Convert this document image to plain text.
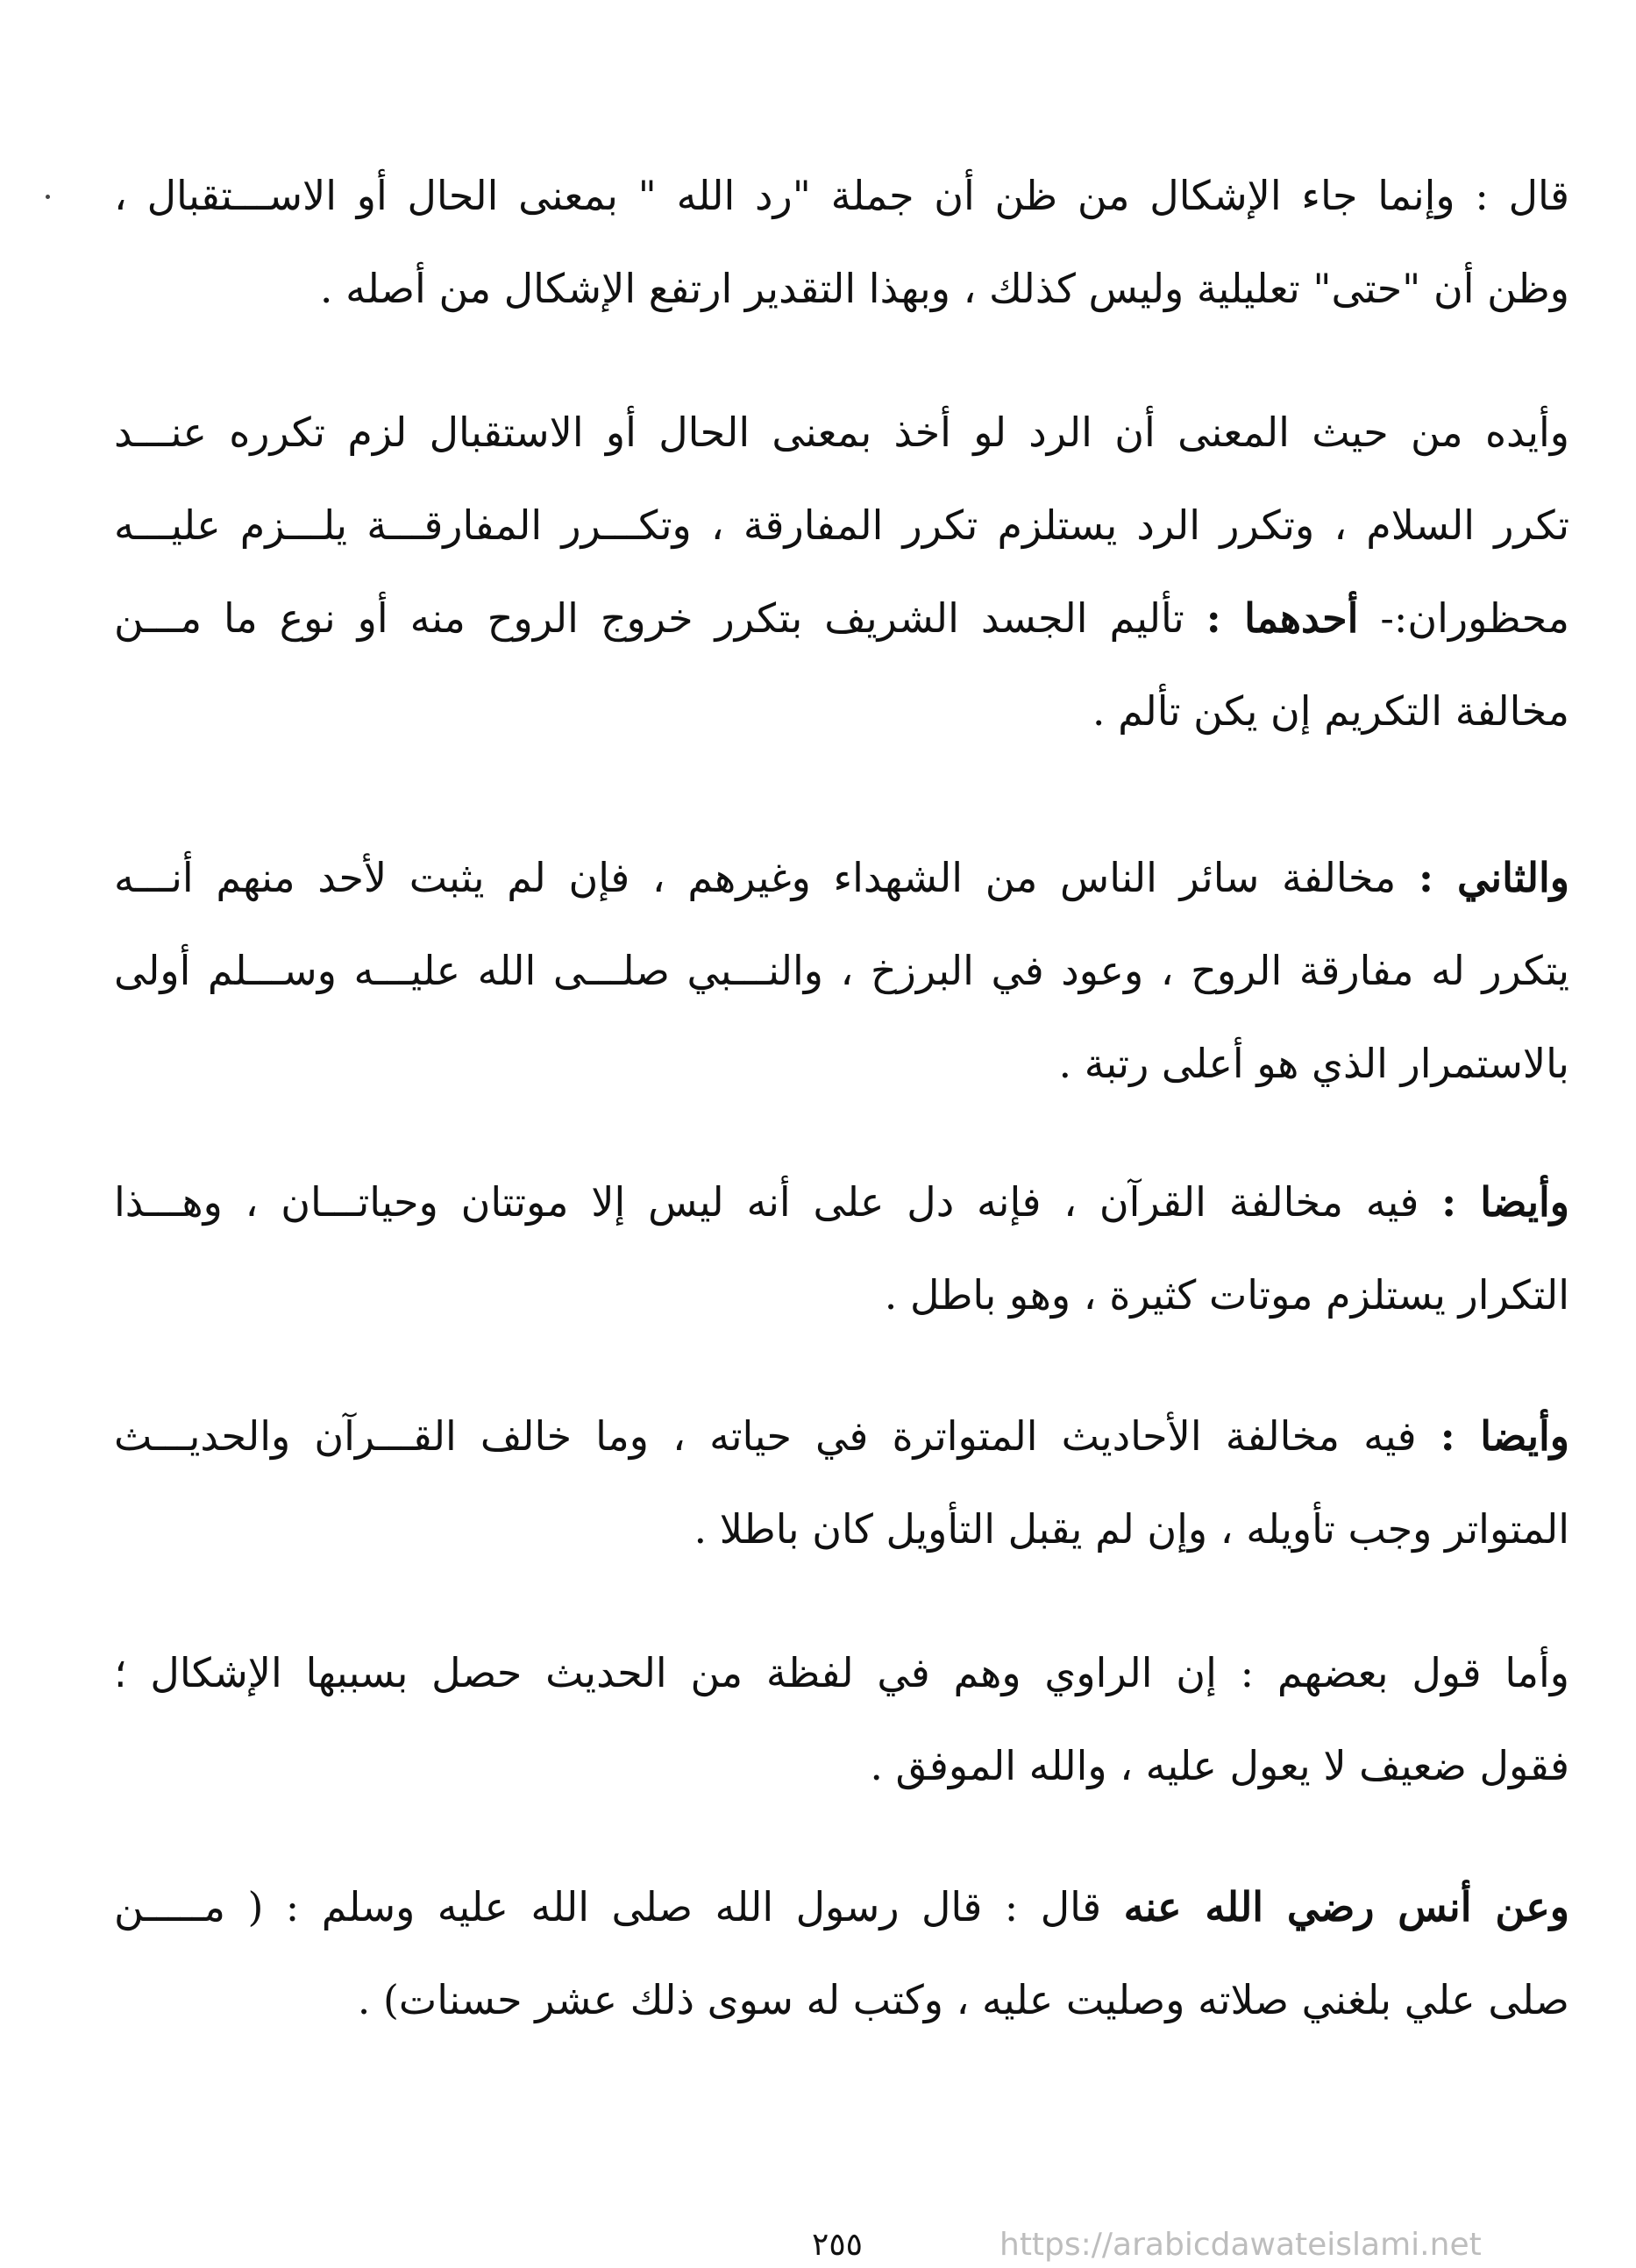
قال : وإنما جاء الإشكال من ظن أن جملة "رد الله " بمعنى الحال أو الاســـتقبال ،
وظن أن "حتى" تعليلية وليس كذلك ، وبهذا التقدير ارتفع الإشكال من أصله .

وأيده من حيث المعنى أن الرد لو أخذ بمعنى الحال أو الاستقبال لزم تكرره عنـــد
تكرر السلام ، وتكرر الرد يستلزم تكرر المفارقة ، وتكـــرر المفارقـــة يلـــزم عليـــه
محظوران:- أحدهما : تأليم الجسد الشريف بتكرر خروج الروح منه أو نوع ما مـــن
مخالفة التكريم إن يكن تألم .

والثاني : مخالفة سائر الناس من الشهداء وغيرهم ، فإن لم يثبت لأحد منهم أنـــه
يتكرر له مفارقة الروح ، وعود في البرزخ ، والنـــبي صلـــى الله عليـــه وســـلم أولى
بالاستمرار الذي هو أعلى رتبة .

وأيضا : فيه مخالفة القرآن ، فإنه دل على أنه ليس إلا موتتان وحياتـــان ، وهـــذا
التكرار يستلزم موتات كثيرة ، وهو باطل .

وأيضا : فيه مخالفة الأحاديث المتواترة في حياته ، وما خالف القـــرآن والحديـــث
المتواتر وجب تأويله ، وإن لم يقبل التأويل كان باطلا .

وأما قول بعضهم : إن الراوي وهم في لفظة من الحديث حصل بسببها الإشكال ؛
فقول ضعيف لا يعول عليه ، والله الموفق .

وعن أنس رضي الله عنه قال : قال رسول الله صلى الله عليه وسلم : ( مـــــن
صلى علي بلغني صلاته وصليت عليه ، وكتب له سوى ذلك عشر حسنات) .

٢٥٥	https://arabicdawateislami.net
